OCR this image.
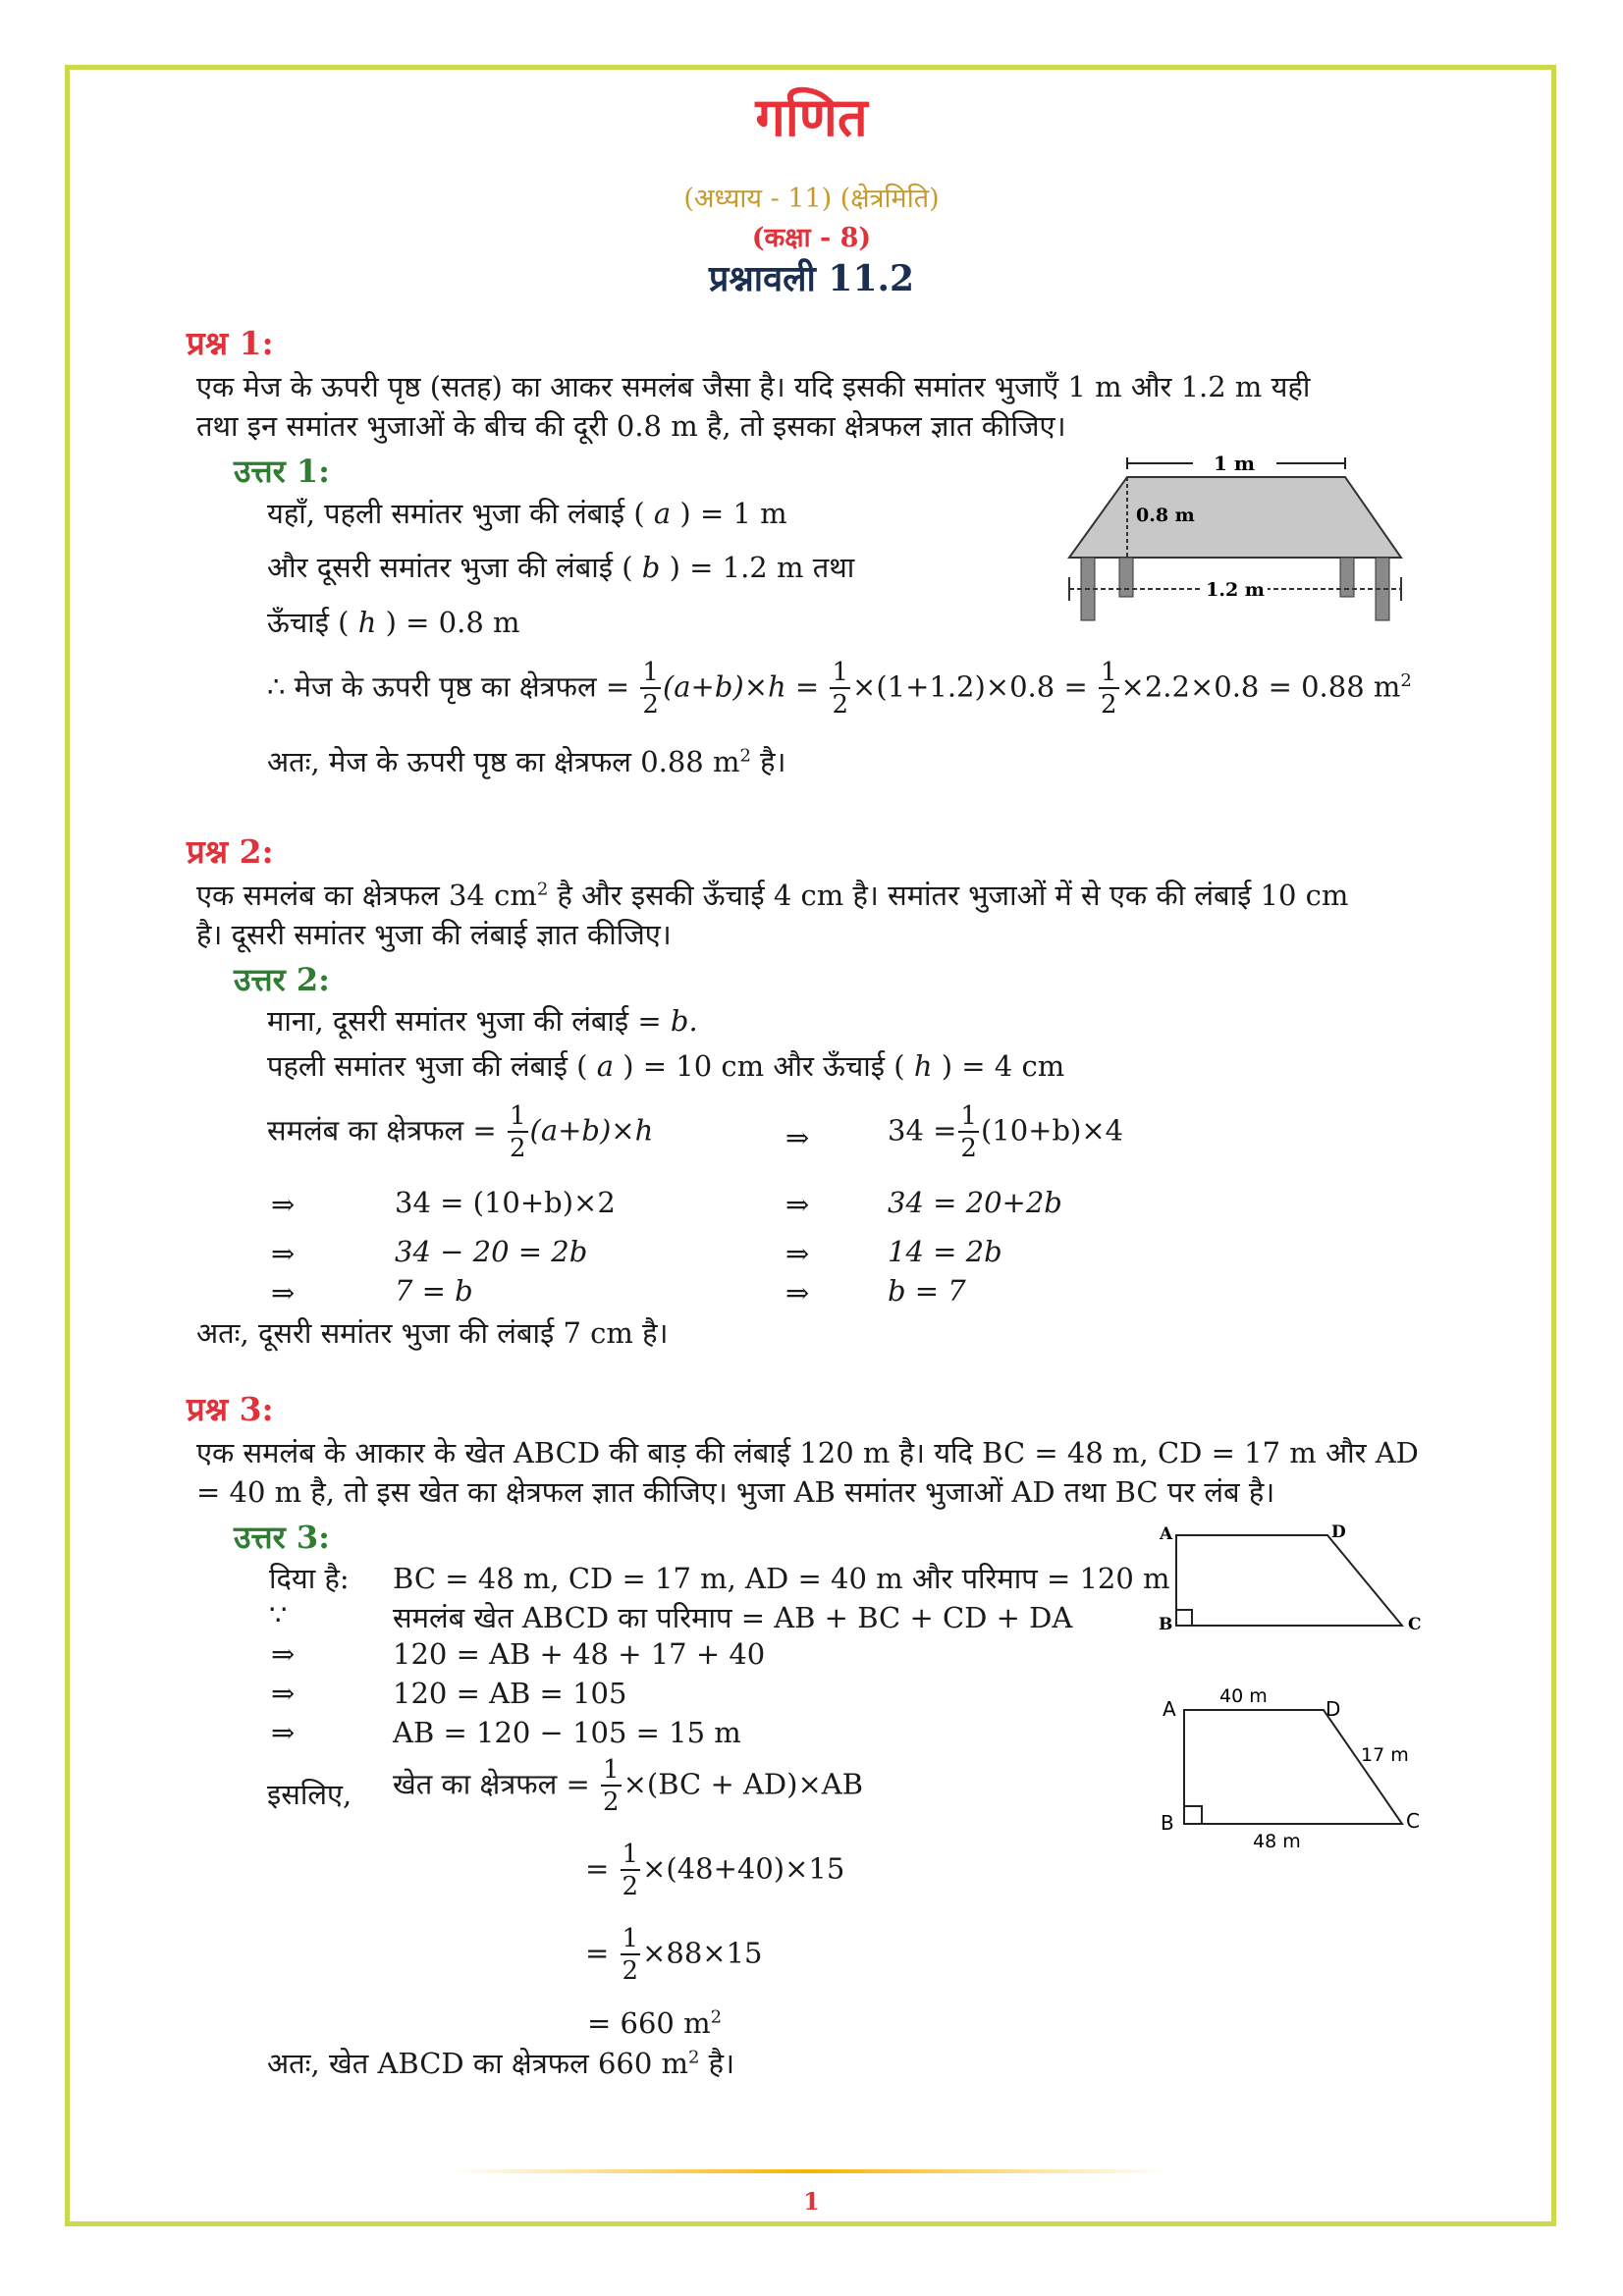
गणित
(अध्याय - 11) (क्षेत्रमिति)
(कक्षा - 8)
प्रश्नावली 11.2
प्रश्न 1:
एक मेज के ऊपरी पृष्ठ (सतह) का आकर समलंब जैसा है। यदि इसकी समांतर भुजाएँ 1 m और 1.2 m यही
तथा इन समांतर भुजाओं के बीच की दूरी 0.8 m है, तो इसका क्षेत्रफल ज्ञात कीजिए।
उत्तर 1:
यहाँ, पहली समांतर भुजा की लंबाई ( a ) = 1 m
और दूसरी समांतर भुजा की लंबाई ( b ) = 1.2 m तथा
ऊँचाई ( h ) = 0.8 m
∴ मेज के ऊपरी पृष्ठ का क्षेत्रफल = $\frac{1}{2} (a+b)\times h = \frac{1}{2} \times(1+1.2)\times 0.8 = \frac{1}{2} \times 2.2\times 0.8 = 0.88$ $m^2$
अतः, मेज के ऊपरी पृष्ठ का क्षेत्रफल 0.88 $m^2$ है।
1 m
0.8 m
1.2 m
प्रश्न 2:
एक समलंब का क्षेत्रफल 34 $cm^2$ है और इसकी ऊँचाई 4 cm है। समांतर भुजाओं में से एक की लंबाई 10 cm
है। दूसरी समांतर भुजा की लंबाई ज्ञात कीजिए।
उत्तर 2:
माना, दूसरी समांतर भुजा की लंबाई = b.
पहली समांतर भुजा की लंबाई ( a ) = 10 cm और ऊँचाई ( h ) = 4 cm
समलंब का क्षेत्रफल = $\frac{1}{2} (a+b)\times h$	⇒	$34 = \frac{1}{2} (10+b)\times 4$
⇒	34 = (10+b)×2	⇒	34 = 20+2b
⇒	34 − 20 = 2b	⇒	14 = 2b
⇒	7 = b	⇒	b = 7
अतः, दूसरी समांतर भुजा की लंबाई 7 cm है।
प्रश्न 3:
एक समलंब के आकार के खेत ABCD की बाड़ की लंबाई 120 m है। यदि BC = 48 m, CD = 17 m और AD
= 40 m है, तो इस खेत का क्षेत्रफल ज्ञात कीजिए। भुजा AB समांतर भुजाओं AD तथा BC पर लंब है।
उत्तर 3:
दिया है: BC = 48 m, CD = 17 m, AD = 40 m और परिमाप = 120 m
∵	समलंब खेत ABCD का परिमाप = AB + BC + CD + DA
⇒	120 = AB + 48 + 17 + 40
⇒	120 = AB = 105
⇒	AB = 120 − 105 = 15 m
इसलिए, खेत का क्षेत्रफल = $\frac{1}{2} \times(BC + AD)\times AB$
= $\frac{1}{2} \times(48+40)\times 15$
= $\frac{1}{2} \times 88\times 15$
= 660 $m^2$
अतः, खेत ABCD का क्षेत्रफल 660 $m^2$ है।
A	D
B	C
A	D
B	C
40 m
17 m
48 m
1
